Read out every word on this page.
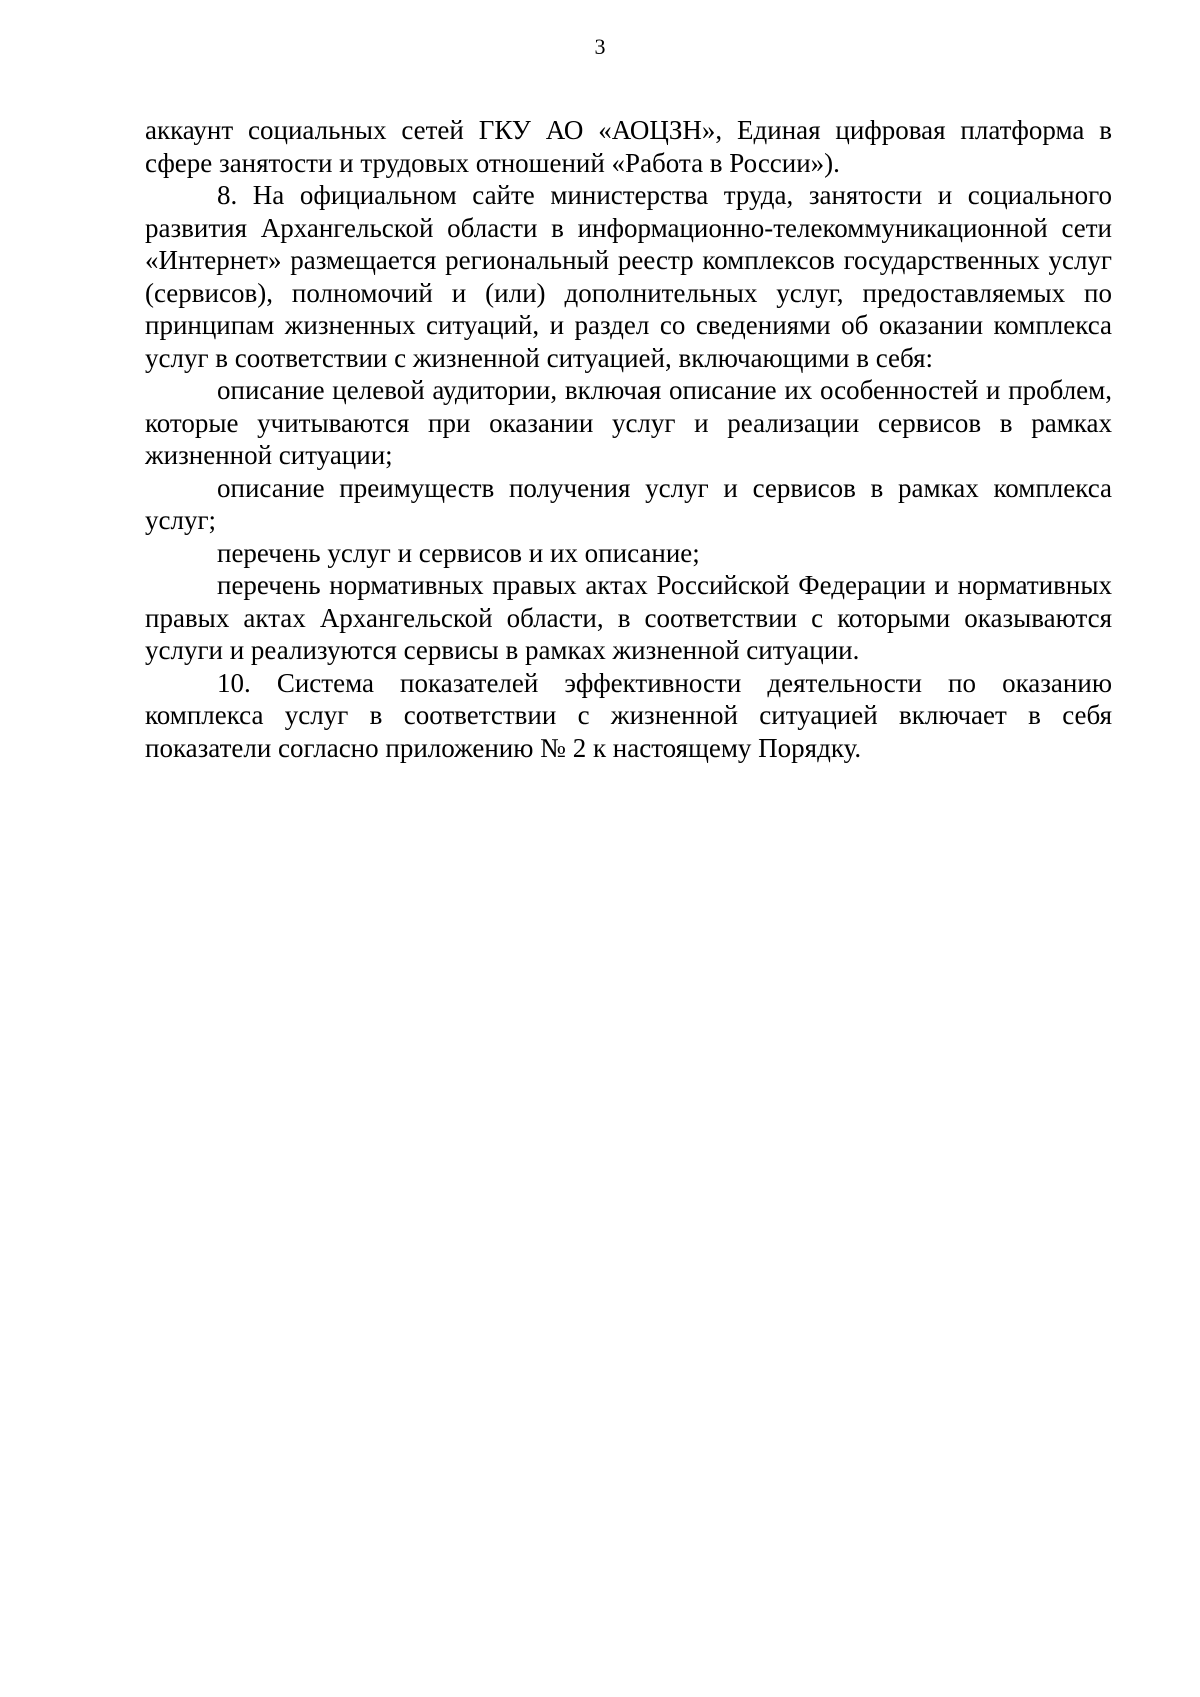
3

аккаунт социальных сетей ГКУ АО «АОЦЗН», Единая цифровая платформа в сфере занятости и трудовых отношений «Работа в России»).

8. На официальном сайте министерства труда, занятости и социального развития Архангельской области в информационно-телекоммуникационной сети «Интернет» размещается региональный реестр комплексов государственных услуг (сервисов), полномочий и (или) дополнительных услуг, предоставляемых по принципам жизненных ситуаций, и раздел со сведениями об оказании комплекса услуг в соответствии с жизненной ситуацией, включающими в себя:

описание целевой аудитории, включая описание их особенностей и проблем, которые учитываются при оказании услуг и реализации сервисов в рамках жизненной ситуации;

описание преимуществ получения услуг и сервисов в рамках комплекса услуг;

перечень услуг и сервисов и их описание;

перечень нормативных правых актах Российской Федерации и нормативных правых актах Архангельской области, в соответствии с которыми оказываются услуги и реализуются сервисы в рамках жизненной ситуации.

10. Система показателей эффективности деятельности по оказанию комплекса услуг в соответствии с жизненной ситуацией включает в себя показатели согласно приложению № 2 к настоящему Порядку.
